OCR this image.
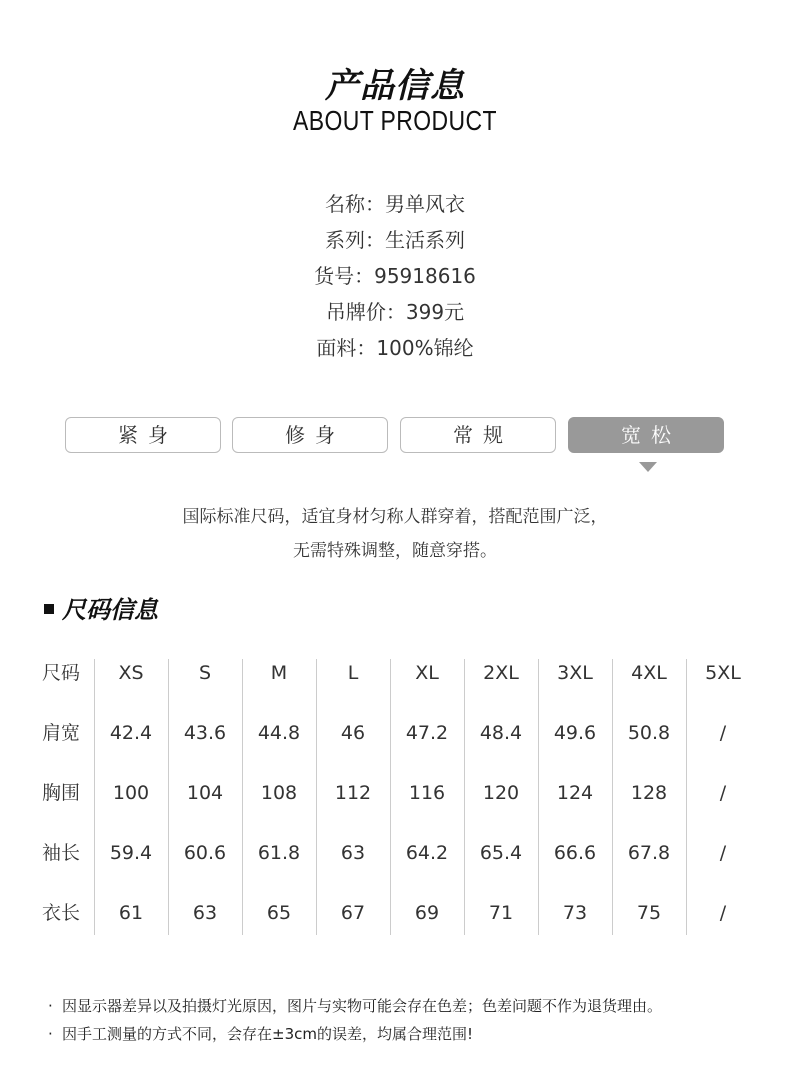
产品信息
ABOUT PRODUCT
名称：男单风衣
系列：生活系列
货号：95918616
吊牌价：399元
面料：100%锦纶
紧身	修身	常规	宽松
国际标准尺码，适宜身材匀称人群穿着，搭配范围广泛，
无需特殊调整，随意穿搭。
尺码信息
尺码	XS	S	M	L	XL	2XL	3XL	4XL	5XL
肩宽	42.4	43.6	44.8	46	47.2	48.4	49.6	50.8	/
胸围	100	104	108	112	116	120	124	128	/
袖长	59.4	60.6	61.8	63	64.2	65.4	66.6	67.8	/
衣长	61	63	65	67	69	71	73	75	/
· 因显示器差异以及拍摄灯光原因，图片与实物可能会存在色差；色差问题不作为退货理由。
· 因手工测量的方式不同，会存在±3cm的误差，均属合理范围!
